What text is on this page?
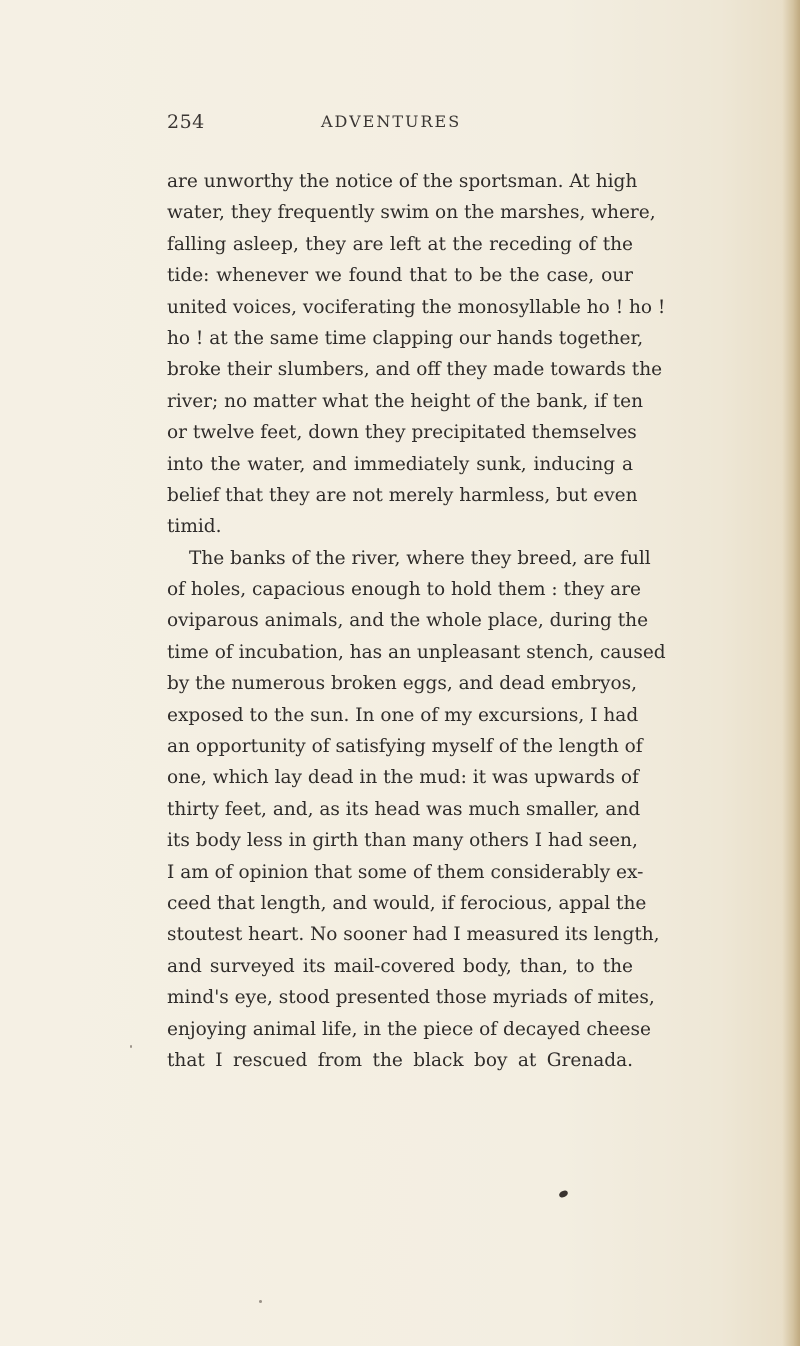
254	ADVENTURES
are unworthy the notice of the sportsman. At high
water, they frequently swim on the marshes, where,
falling asleep, they are left at the receding of the
tide: whenever we found that to be the case, our
united voices, vociferating the monosyllable ho ! ho !
ho ! at the same time clapping our hands together,
broke their slumbers, and off they made towards the
river; no matter what the height of the bank, if ten
or twelve feet, down they precipitated themselves
into the water, and immediately sunk, inducing a
belief that they are not merely harmless, but even
timid.
The banks of the river, where they breed, are full
of holes, capacious enough to hold them : they are
oviparous animals, and the whole place, during the
time of incubation, has an unpleasant stench, caused
by the numerous broken eggs, and dead embryos,
exposed to the sun. In one of my excursions, I had
an opportunity of satisfying myself of the length of
one, which lay dead in the mud: it was upwards of
thirty feet, and, as its head was much smaller, and
its body less in girth than many others I had seen,
I am of opinion that some of them considerably ex-
ceed that length, and would, if ferocious, appal the
stoutest heart. No sooner had I measured its length,
and surveyed its mail-covered body, than, to the
mind's eye, stood presented those myriads of mites,
enjoying animal life, in the piece of decayed cheese
that I rescued from the black boy at Grenada.
